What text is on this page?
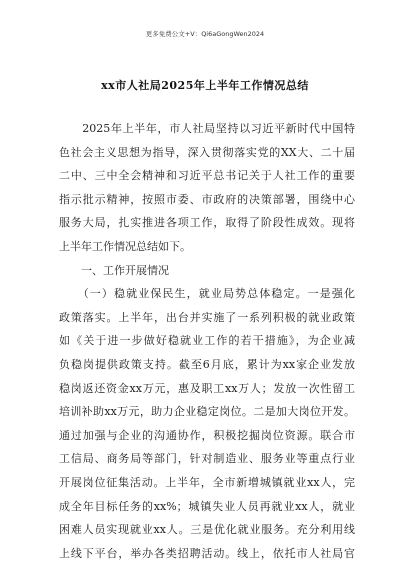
更多免费公文+V：Qi6aGongWen2024
xx市人社局2025年上半年工作情况总结
　　2025年上半年，市人社局坚持以习近平新时代中国特
色社会主义思想为指导，深入贯彻落实党的XX大、二十届
二中、三中全会精神和习近平总书记关于人社工作的重要
指示批示精神，按照市委、市政府的决策部署，围绕中心
服务大局，扎实推进各项工作，取得了阶段性成效。现将
上半年工作情况总结如下。
　　一、工作开展情况
　　（一）稳就业保民生，就业局势总体稳定。一是强化
政策落实。上半年，出台并实施了一系列积极的就业政策
如《关于进一步做好稳就业工作的若干措施》，为企业减
负稳岗提供政策支持。截至6月底，累计为xx家企业发放
稳岗返还资金xx万元，惠及职工xx万人；发放一次性留工
培训补助xx万元，助力企业稳定岗位。二是加大岗位开发。
通过加强与企业的沟通协作，积极挖掘岗位资源。联合市
工信局、商务局等部门，针对制造业、服务业等重点行业
开展岗位征集活动。上半年，全市新增城镇就业xx人，完
成全年目标任务的xx%；城镇失业人员再就业xx人，就业
困难人员实现就业xx人。三是优化就业服务。充分利用线
上线下平台，举办各类招聘活动。线上，依托市人社局官
